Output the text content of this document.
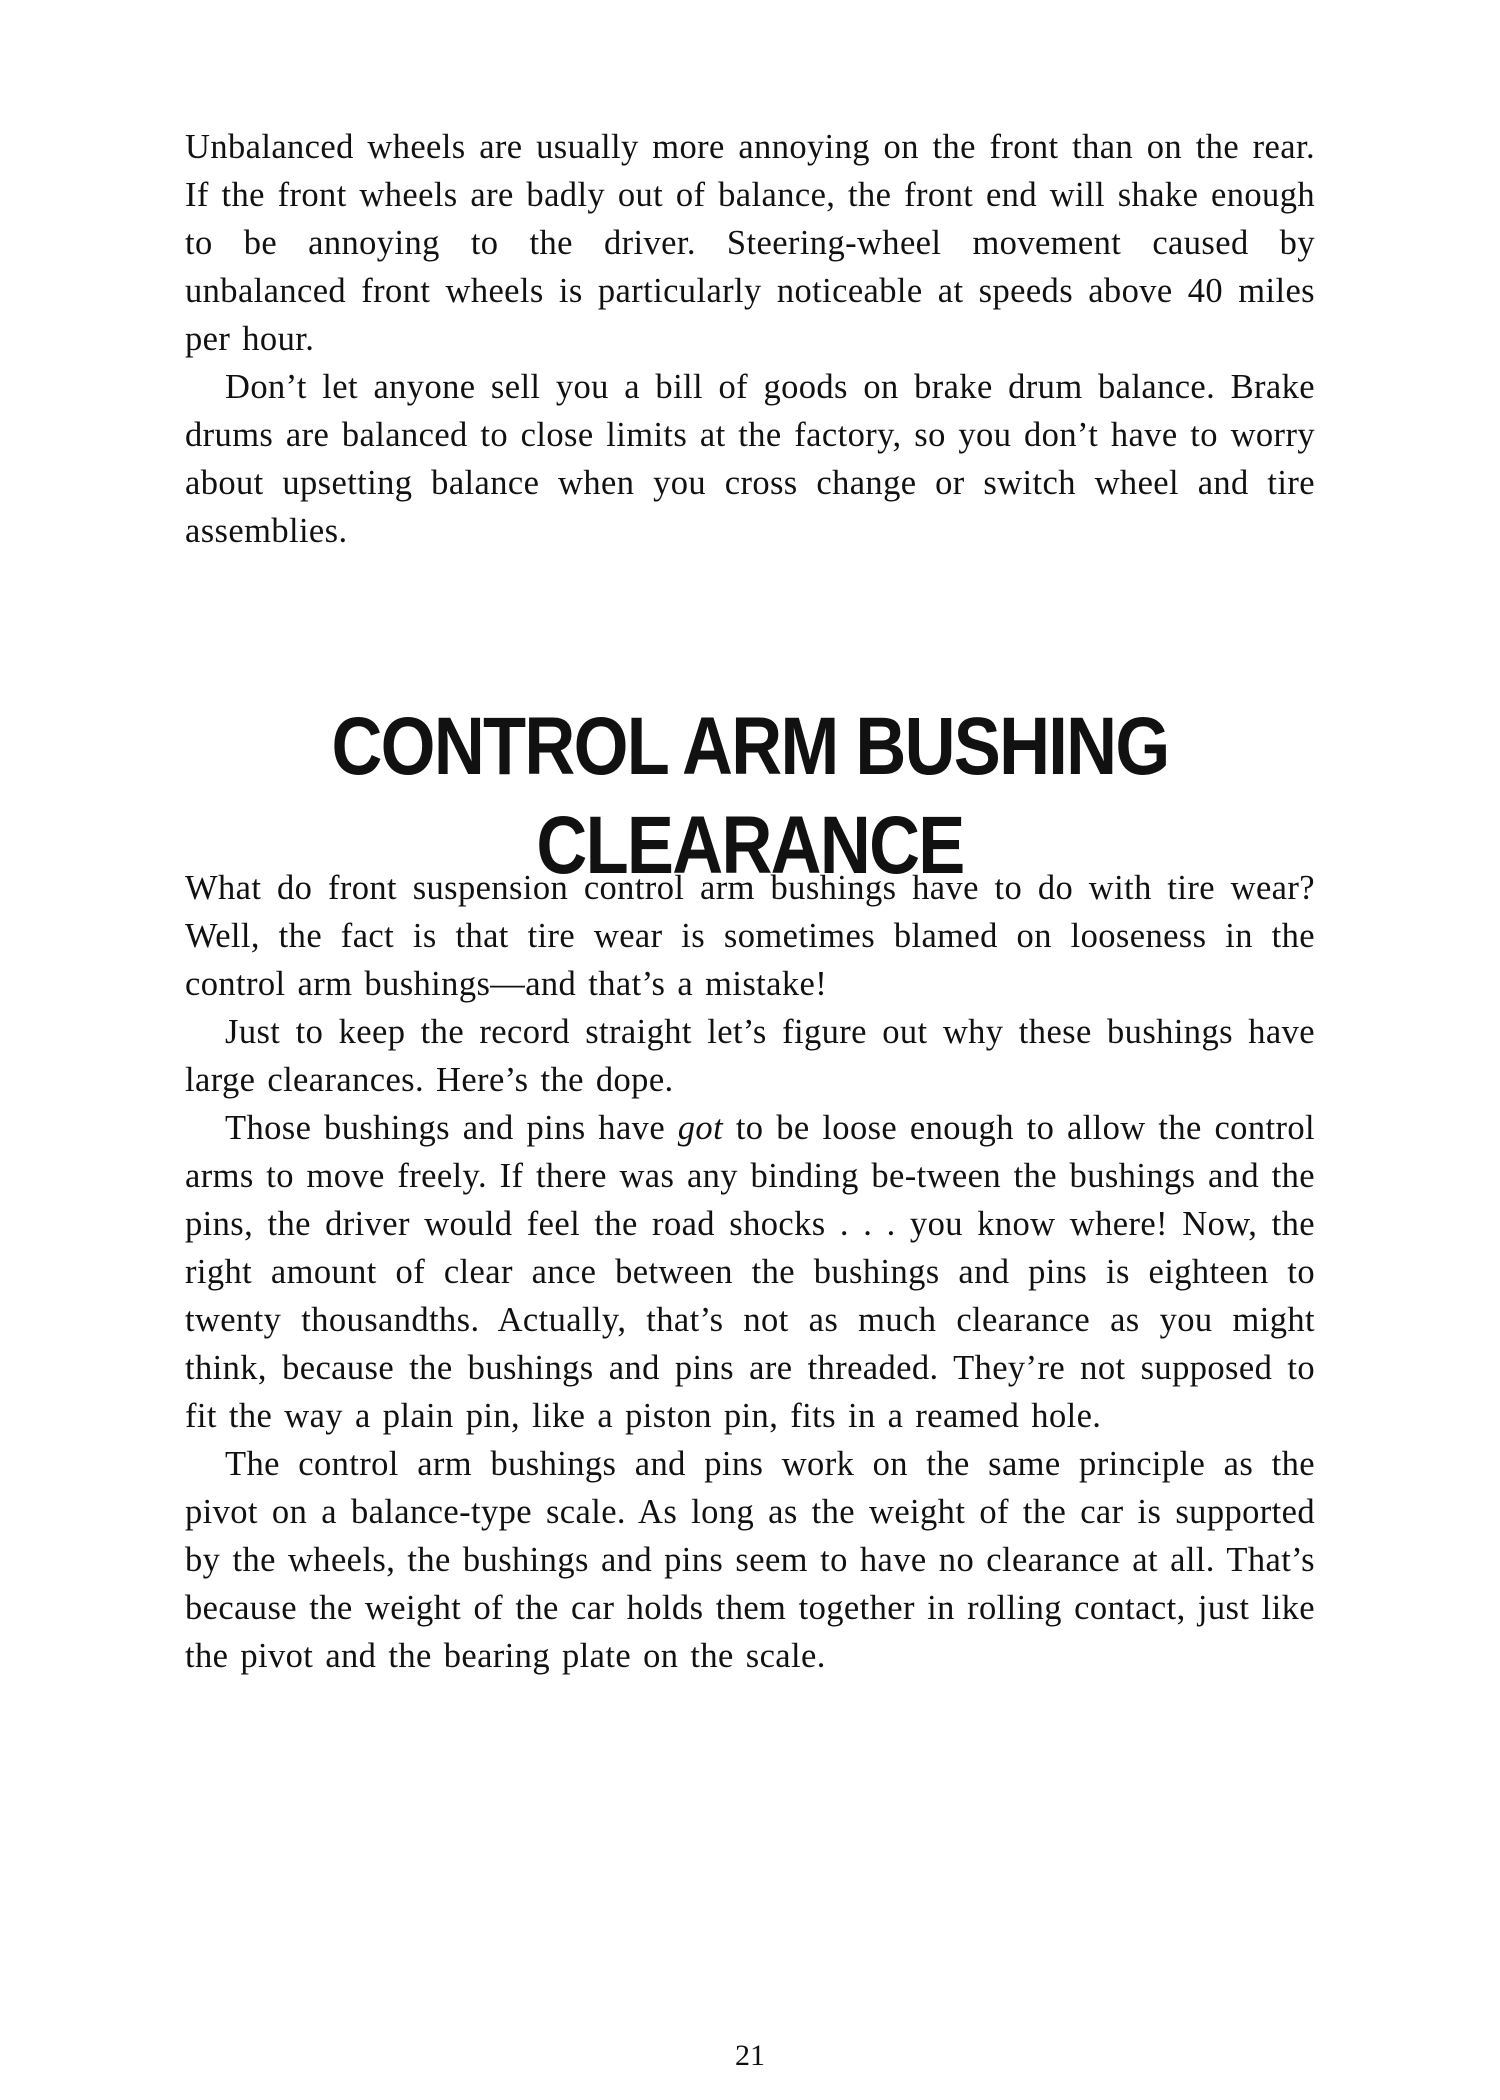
Unbalanced wheels are usually more annoying on the front than on the rear. If the front wheels are badly out of balance, the front end will shake enough to be annoying to the driver. Steering-wheel movement caused by unbalanced front wheels is particularly noticeable at speeds above 40 miles per hour.

Don’t let anyone sell you a bill of goods on brake drum balance. Brake drums are balanced to close limits at the factory, so you don’t have to worry about upsetting balance when you cross change or switch wheel and tire assemblies.

CONTROL ARM BUSHING
CLEARANCE

What do front suspension control arm bushings have to do with tire wear? Well, the fact is that tire wear is sometimes blamed on looseness in the control arm bushings—and that’s a mistake!

Just to keep the record straight let’s figure out why these bushings have large clearances. Here’s the dope.

Those bushings and pins have got to be loose enough to allow the control arms to move freely. If there was any binding be-tween the bushings and the pins, the driver would feel the road shocks . . . you know where! Now, the right amount of clear ance between the bushings and pins is eighteen to twenty thousandths. Actually, that’s not as much clearance as you might think, because the bushings and pins are threaded. They’re not supposed to fit the way a plain pin, like a piston pin, fits in a reamed hole.

The control arm bushings and pins work on the same principle as the pivot on a balance-type scale. As long as the weight of the car is supported by the wheels, the bushings and pins seem to have no clearance at all. That’s because the weight of the car holds them together in rolling contact, just like the pivot and the bearing plate on the scale.

21
